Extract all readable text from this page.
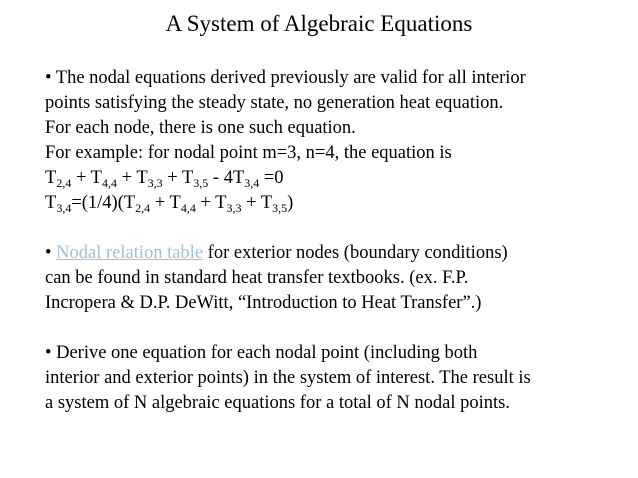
A System of Algebraic Equations
• The nodal equations derived previously are valid for all interior
points satisfying the steady state, no generation heat equation.
For each node, there is one such equation.
For example: for nodal point m=3, n=4, the equation is
$T_{2,4} + T_{4,4} + T_{3,3} + T_{3,5} - 4T_{3,4} =0$
$T_{3,4}=(1/4)(T_{2,4} + T_{4,4} + T_{3,3} + T_{3,5})$
• Nodal relation table for exterior nodes (boundary conditions)
can be found in standard heat transfer textbooks. (ex. F.P.
Incropera & D.P. DeWitt, “Introduction to Heat Transfer”.)
• Derive one equation for each nodal point (including both
interior and exterior points) in the system of interest. The result is
a system of N algebraic equations for a total of N nodal points.
